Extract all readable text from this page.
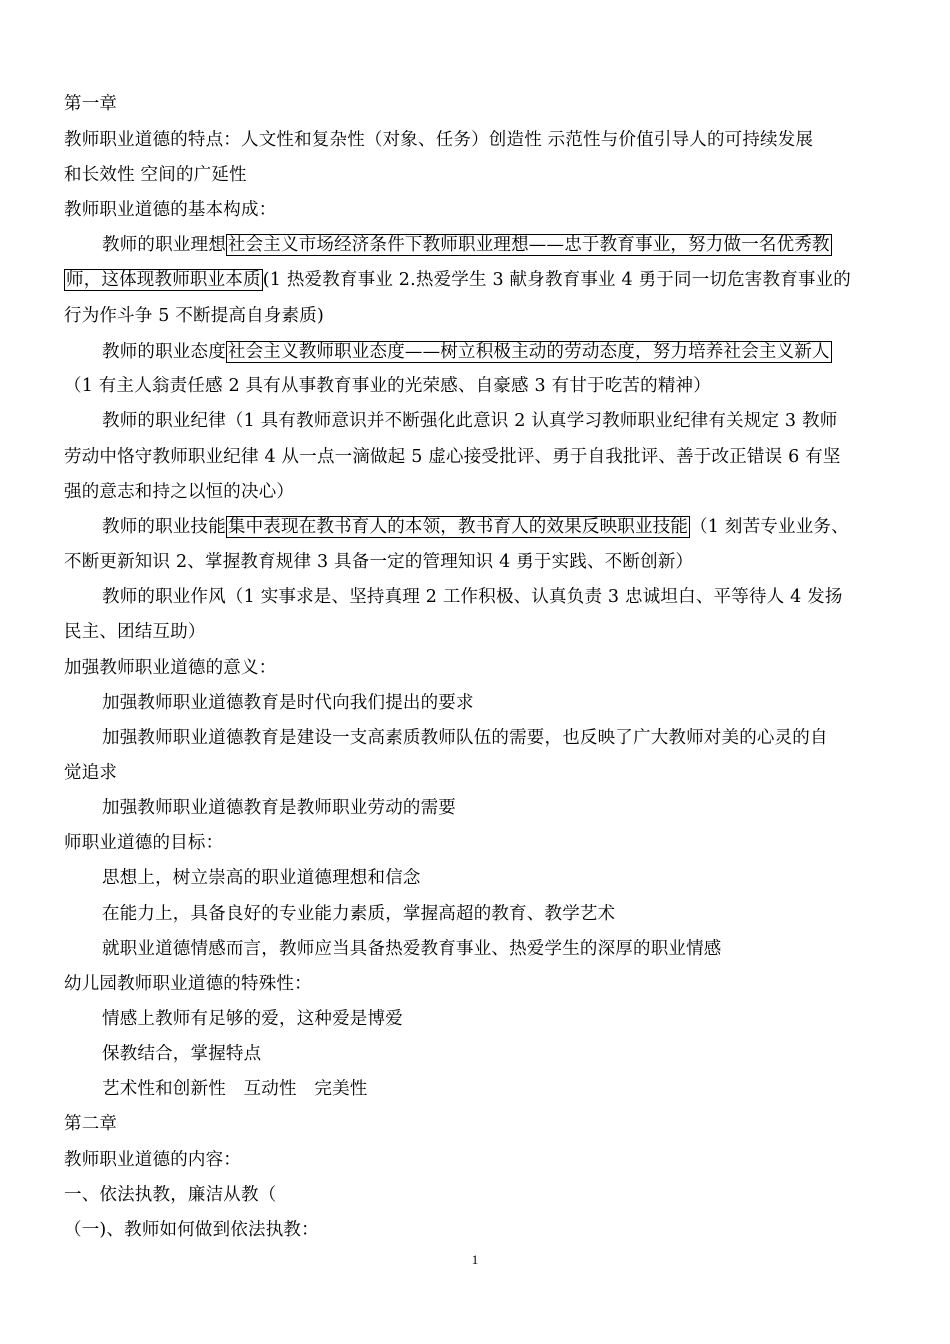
第一章
教师职业道德的特点：人文性和复杂性（对象、任务）创造性 示范性与价值引导人的可持续发展
和长效性 空间的广延性
教师职业道德的基本构成：
教师的职业理想 社会主义市场经济条件下教师职业理想——忠于教育事业，努力做一名优秀教
师，这体现教师职业本质 (1 热爱教育事业 2.热爱学生 3 献身教育事业 4 勇于同一切危害教育事业的
行为作斗争 5 不断提高自身素质)
教师的职业态度 社会主义教师职业态度——树立积极主动的劳动态度，努力培养社会主义新人
（1 有主人翁责任感 2 具有从事教育事业的光荣感、自豪感 3 有甘于吃苦的精神）
教师的职业纪律（1 具有教师意识并不断强化此意识 2 认真学习教师职业纪律有关规定 3 教师
劳动中恪守教师职业纪律 4 从一点一滴做起 5 虚心接受批评、勇于自我批评、善于改正错误 6 有坚
强的意志和持之以恒的决心）
教师的职业技能 集中表现在教书育人的本领，教书育人的效果反映职业技能 （1 刻苦专业业务、
不断更新知识 2、掌握教育规律 3 具备一定的管理知识 4 勇于实践、不断创新）
教师的职业作风（1 实事求是、坚持真理 2 工作积极、认真负责 3 忠诚坦白、平等待人 4 发扬
民主、团结互助）
加强教师职业道德的意义：
加强教师职业道德教育是时代向我们提出的要求
加强教师职业道德教育是建设一支高素质教师队伍的需要，也反映了广大教师对美的心灵的自
觉追求
加强教师职业道德教育是教师职业劳动的需要
师职业道德的目标：
思想上，树立崇高的职业道德理想和信念
在能力上，具备良好的专业能力素质，掌握高超的教育、教学艺术
就职业道德情感而言，教师应当具备热爱教育事业、热爱学生的深厚的职业情感
幼儿园教师职业道德的特殊性：
情感上教师有足够的爱，这种爱是博爱
保教结合，掌握特点
艺术性和创新性　互动性　完美性
第二章
教师职业道德的内容：
一、依法执教，廉洁从教（
（一)、教师如何做到依法执教：
1
